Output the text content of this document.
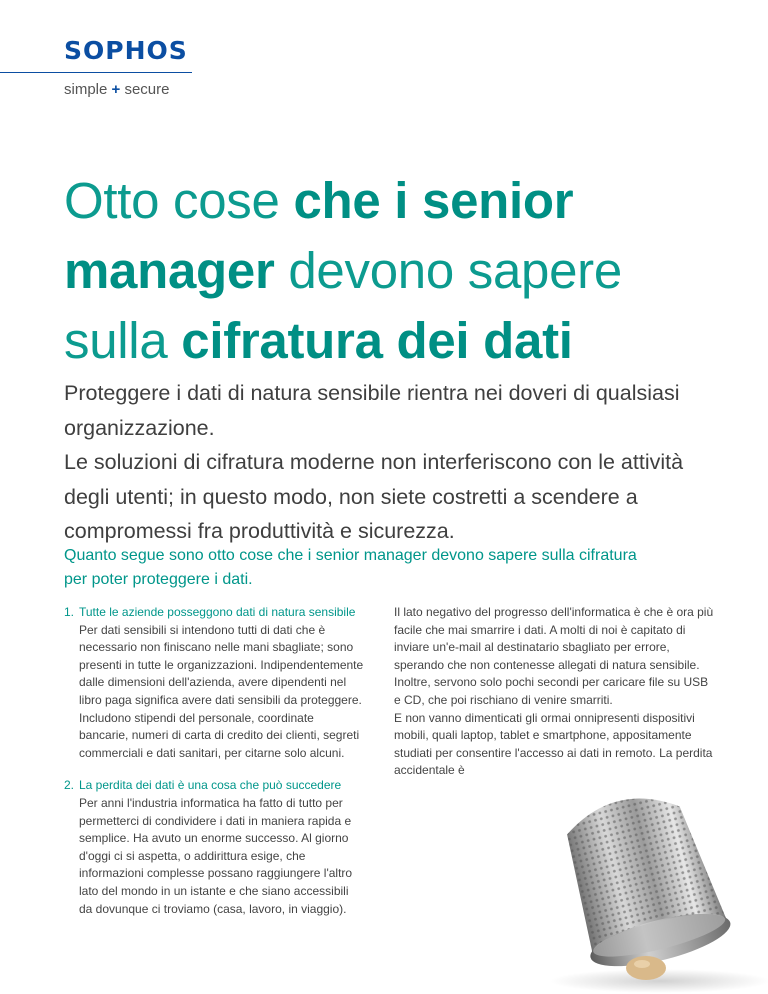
SOPHOS
simple + secure
Otto cose che i senior manager devono sapere sulla cifratura dei dati

Proteggere i dati di natura sensibile rientra nei doveri di qualsiasi organizzazione.

Le soluzioni di cifratura moderne non interferiscono con le attività degli utenti; in questo modo, non siete costretti a scendere a compromessi fra produttività e sicurezza.

Quanto segue sono otto cose che i senior manager devono sapere sulla cifratura per poter proteggere i dati.
1. Tutte le aziende posseggono dati di natura sensibile
Per dati sensibili si intendono tutti di dati che è necessario non finiscano nelle mani sbagliate; sono presenti in tutte le organizzazioni. Indipendentemente dalle dimensioni dell'azienda, avere dipendenti nel libro paga significa avere dati sensibili da proteggere. Includono stipendi del personale, coordinate bancarie, numeri di carta di credito dei clienti, segreti commerciali e dati sanitari, per citarne solo alcuni.
2. La perdita dei dati è una cosa che può succedere
Per anni l'industria informatica ha fatto di tutto per permetterci di condividere i dati in maniera rapida e semplice. Ha avuto un enorme successo. Al giorno d'oggi ci si aspetta, o addirittura esige, che informazioni complesse possano raggiungere l'altro lato del mondo in un istante e che siano accessibili da dovunque ci troviamo (casa, lavoro, in viaggio).

Il lato negativo del progresso dell'informatica è che è ora più facile che mai smarrire i dati. A molti di noi è capitato di inviare un'e-mail al destinatario sbagliato per errore, sperando che non contenesse allegati di natura sensibile. Inoltre, servono solo pochi secondi per caricare file su USB e CD, che poi rischiano di venire smarriti.

E non vanno dimenticati gli ormai onnipresenti dispositivi mobili, quali laptop, tablet e smartphone, appositamente studiati per consentire l'accesso ai dati in remoto. La perdita accidentale è
